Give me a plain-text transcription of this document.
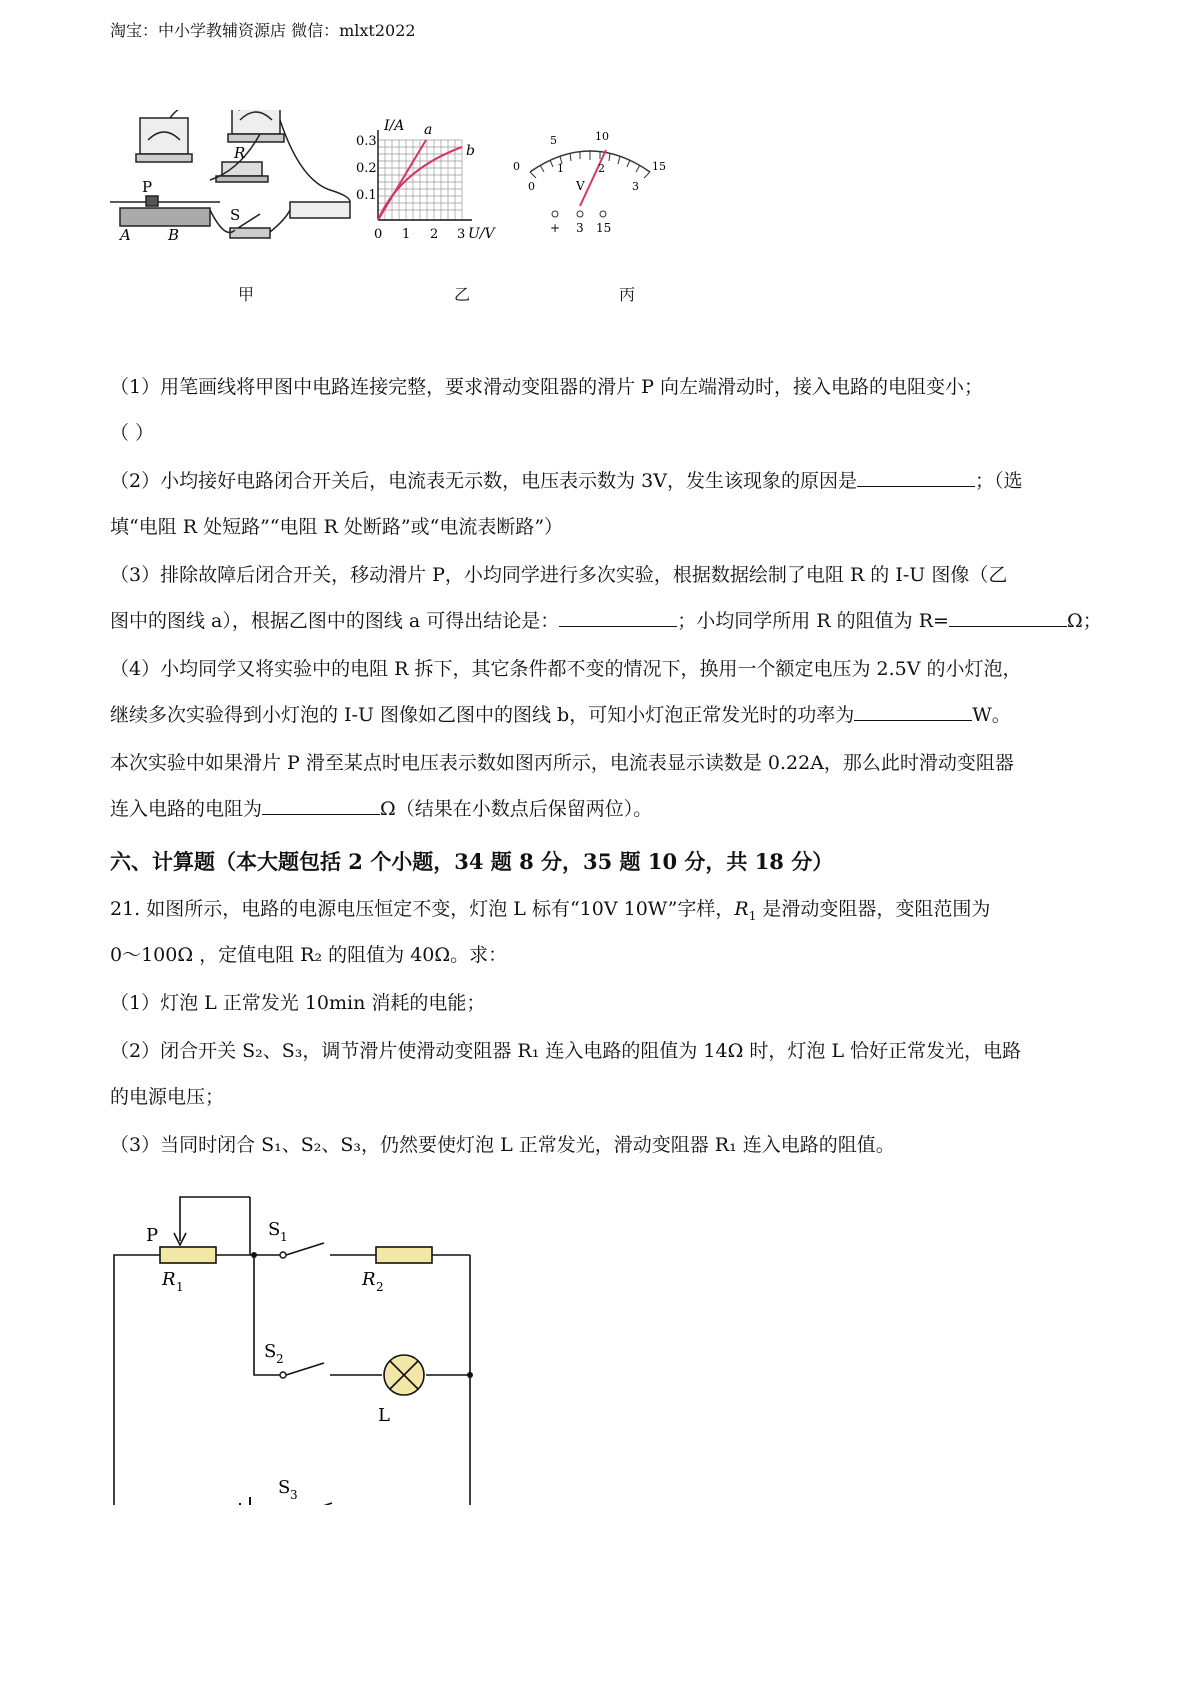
淘宝：中小学教辅资源店 微信：mlxt2022
P
R
A B
S
I/A
U/V
0.1
0.2
0.3
0 1 2 3
a
b
0
5	10
15
0
1	2
3
V
+ 3 15
甲	乙	丙
（1）用笔画线将甲图中电路连接完整，要求滑动变阻器的滑片 P 向左端滑动时，接入电路的电阻变小；
（ ）
（2）小均接好电路闭合开关后，电流表无示数，电压表示数为 3V，发生该现象的原因是	；（选
填“电阻 R 处短路”“电阻 R 处断路”或“电流表断路”）
（3）排除故障后闭合开关，移动滑片 P，小均同学进行多次实验，根据数据绘制了电阻 R 的 I-U 图像（乙
图中的图线 a），根据乙图中的图线 a 可得出结论是：	；小均同学所用 R 的阻值为 R=	Ω；
（4）小均同学又将实验中的电阻 R 拆下，其它条件都不变的情况下，换用一个额定电压为 2.5V 的小灯泡，
继续多次实验得到小灯泡的 I-U 图像如乙图中的图线 b，可知小灯泡正常发光时的功率为	W。
本次实验中如果滑片 P 滑至某点时电压表示数如图丙所示，电流表显示读数是 0.22A，那么此时滑动变阻器
连入电路的电阻为	Ω（结果在小数点后保留两位）。
六、计算题（本大题包括 2 个小题，34 题 8 分，35 题 10 分，共 18 分）
21. 如图所示，电路的电源电压恒定不变，灯泡 L 标有“10V 10W”字样，$R_1$ 是滑动变阻器，变阻范围为
0～100Ω ，定值电阻 R₂ 的阻值为 40Ω。求：
（1）灯泡 L 正常发光 10min 消耗的电能；
（2）闭合开关 S₂、S₃，调节滑片使滑动变阻器 R₁ 连入电路的阻值为 14Ω 时，灯泡 L 恰好正常发光，电路
的电源电压；
（3）当同时闭合 S₁、S₂、S₃，仍然要使灯泡 L 正常发光，滑动变阻器 R₁ 连入电路的阻值。
P
R 1
S 1
R 2
S 2
L
S 3
